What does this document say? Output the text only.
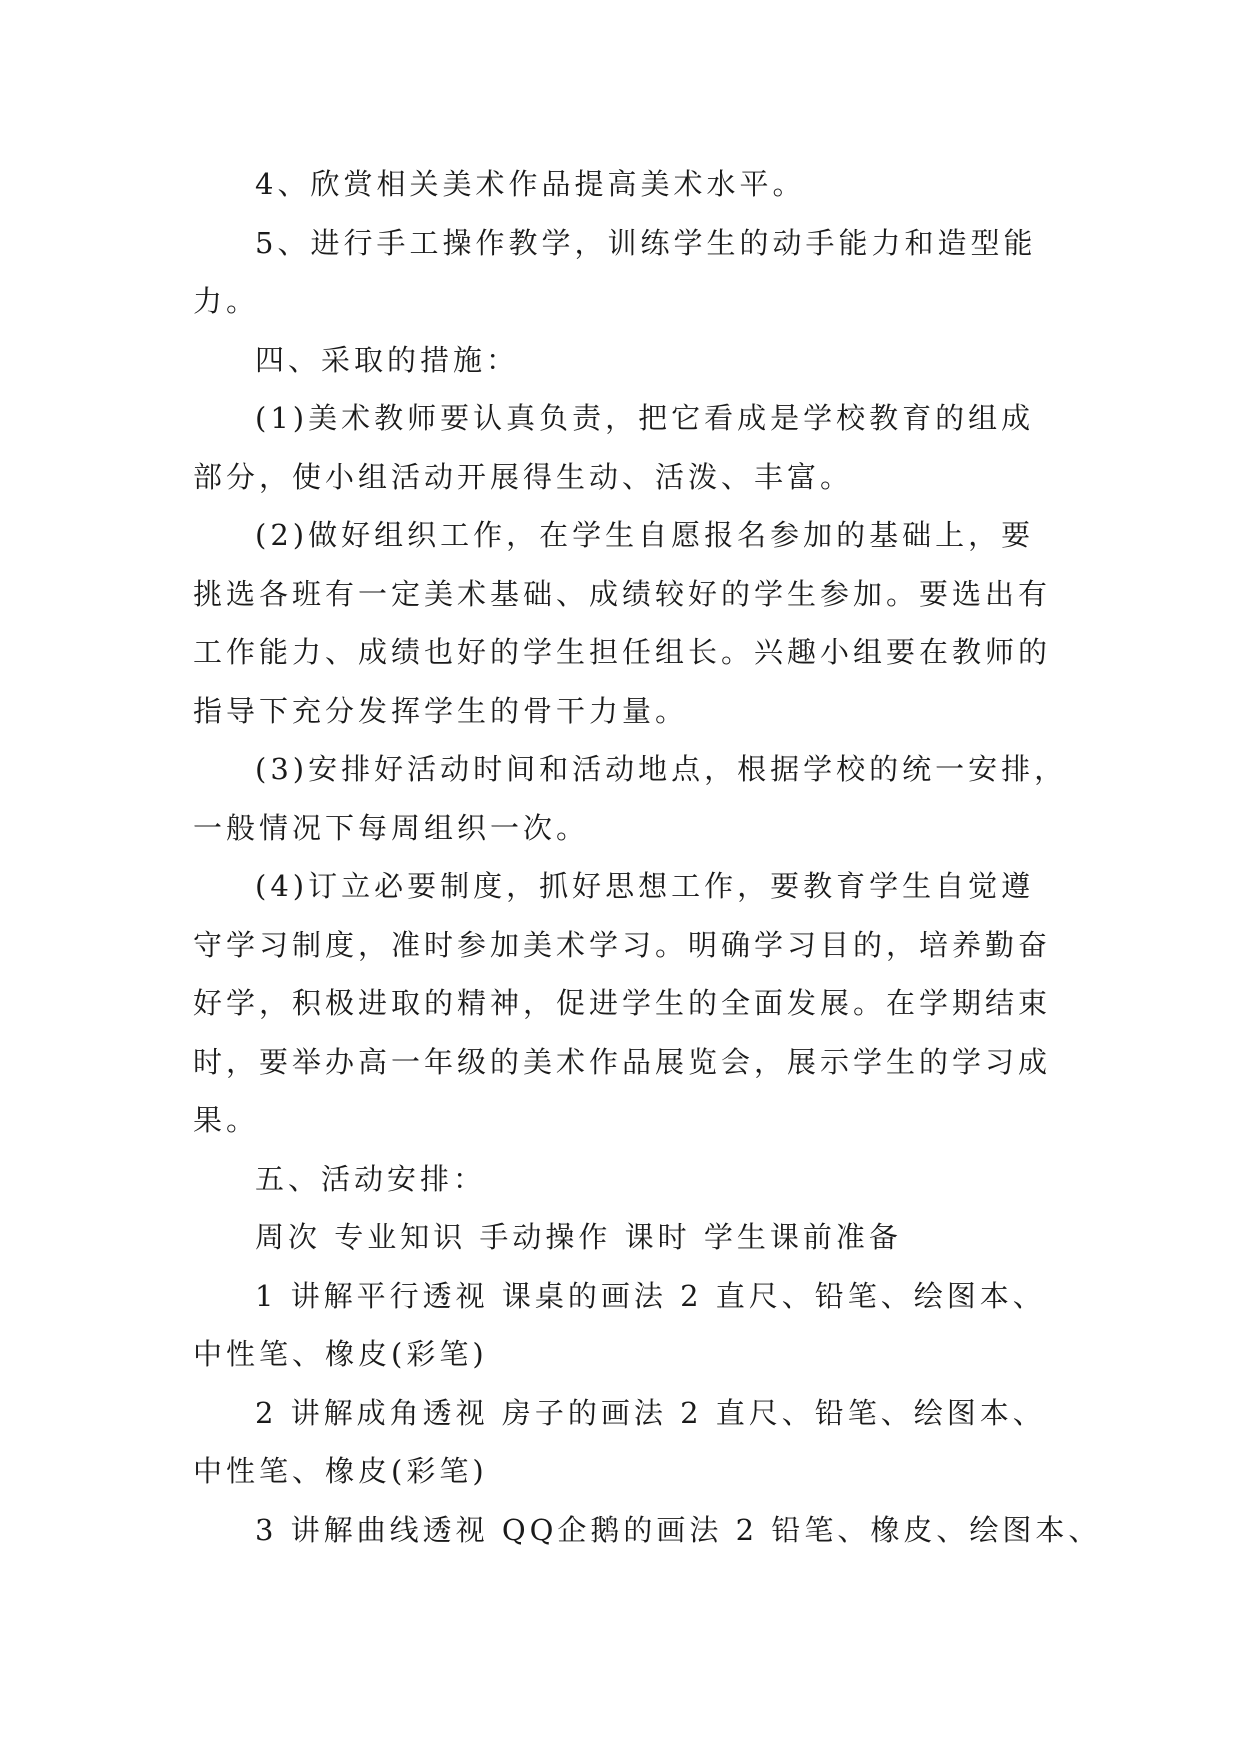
4、欣赏相关美术作品提高美术水平。
5、进行手工操作教学，训练学生的动手能力和造型能
力。
四、采取的措施：
(1)美术教师要认真负责，把它看成是学校教育的组成
部分，使小组活动开展得生动、活泼、丰富。
(2)做好组织工作，在学生自愿报名参加的基础上，要
挑选各班有一定美术基础、成绩较好的学生参加。要选出有
工作能力、成绩也好的学生担任组长。兴趣小组要在教师的
指导下充分发挥学生的骨干力量。
(3)安排好活动时间和活动地点，根据学校的统一安排，
一般情况下每周组织一次。
(4)订立必要制度，抓好思想工作，要教育学生自觉遵
守学习制度，准时参加美术学习。明确学习目的，培养勤奋
好学，积极进取的精神，促进学生的全面发展。在学期结束
时，要举办高一年级的美术作品展览会，展示学生的学习成
果。
五、活动安排：
周次 专业知识 手动操作 课时 学生课前准备
1 讲解平行透视 课桌的画法 2 直尺、铅笔、绘图本、
中性笔、橡皮(彩笔)
2 讲解成角透视 房子的画法 2 直尺、铅笔、绘图本、
中性笔、橡皮(彩笔)
3 讲解曲线透视 QQ企鹅的画法 2 铅笔、橡皮、绘图本、
